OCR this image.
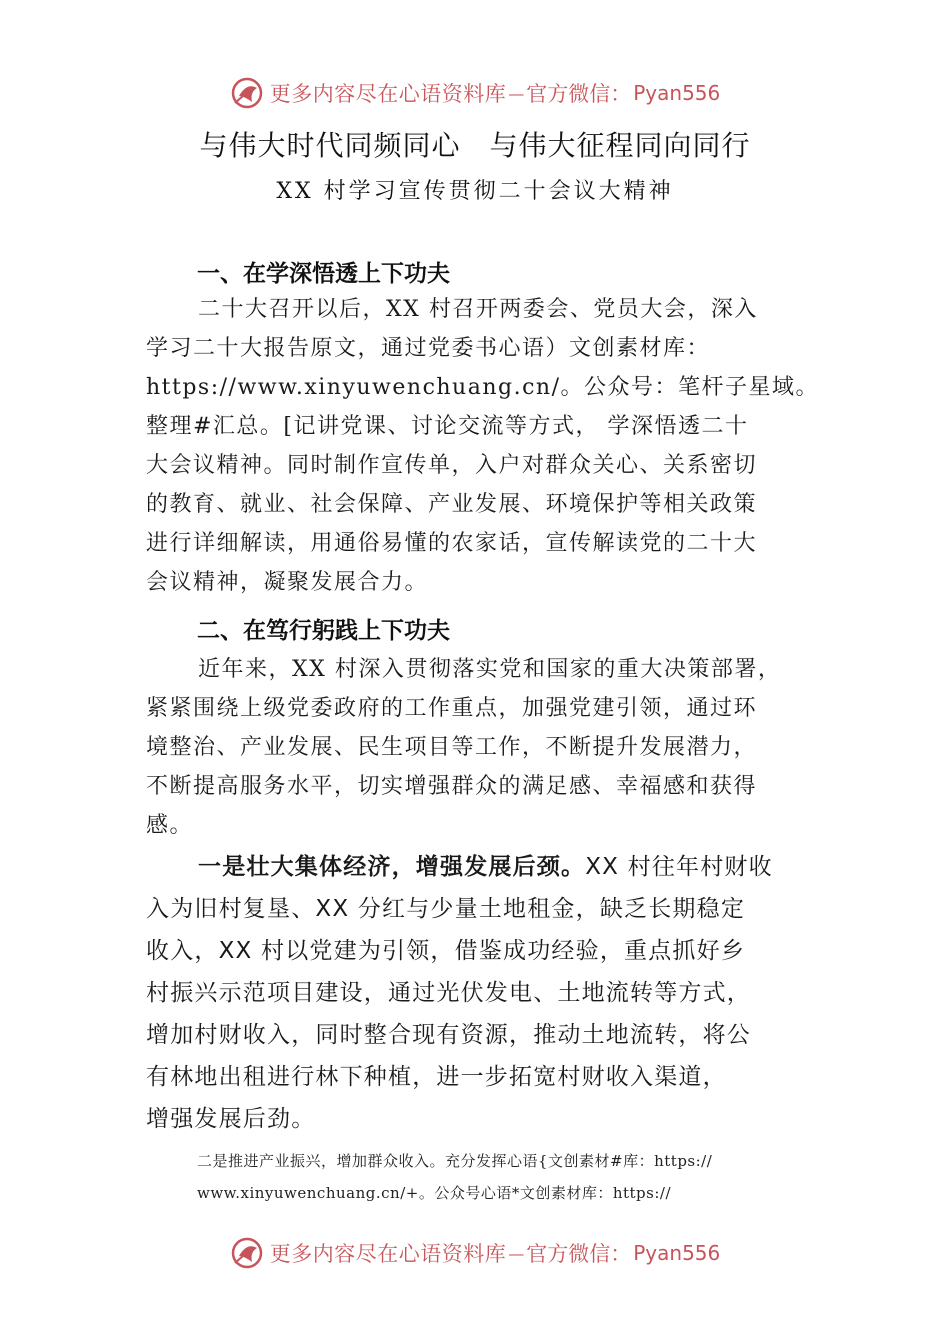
更多内容尽在心语资料库 — 官方微信： Pyan556
与伟大时代同频同心　与伟大征程同向同行
XX 村学习宣传贯彻二十会议大精神
一、在学深悟透上下功夫
二十大召开以后，XX 村召开两委会、党员大会，深入
学习二十大报告原文，通过党委书心语）文创素材库：
https://www.xinyuwenchuang.cn/。公众号：笔杆子星域。
整理#汇总。[记讲党课、讨论交流等方式， 学深悟透二十
大会议精神。同时制作宣传单，入户对群众关心、关系密切
的教育、就业、社会保障、产业发展、环境保护等相关政策
进行详细解读，用通俗易懂的农家话，宣传解读党的二十大
会议精神，凝聚发展合力。
二、在笃行躬践上下功夫
近年来，XX 村深入贯彻落实党和国家的重大决策部署，
紧紧围绕上级党委政府的工作重点，加强党建引领，通过环
境整治、产业发展、民生项目等工作，不断提升发展潜力，
不断提高服务水平，切实增强群众的满足感、幸福感和获得
感。
一是壮大集体经济，增强发展后颈。XX 村往年村财收
入为旧村复垦、XX 分红与少量土地租金，缺乏长期稳定
收入，XX 村以党建为引领，借鉴成功经验，重点抓好乡
村振兴示范项目建设，通过光伏发电、土地流转等方式，
增加村财收入，同时整合现有资源，推动土地流转，将公
有林地出租进行林下种植，进一步拓宽村财收入渠道，
增强发展后劲。
二是推进产业振兴，增加群众收入。充分发挥心语{文创素材#库：https://
www.xinyuwenchuang.cn/+。公众号心语*文创素材库：https://
更多内容尽在心语资料库 — 官方微信： Pyan556
